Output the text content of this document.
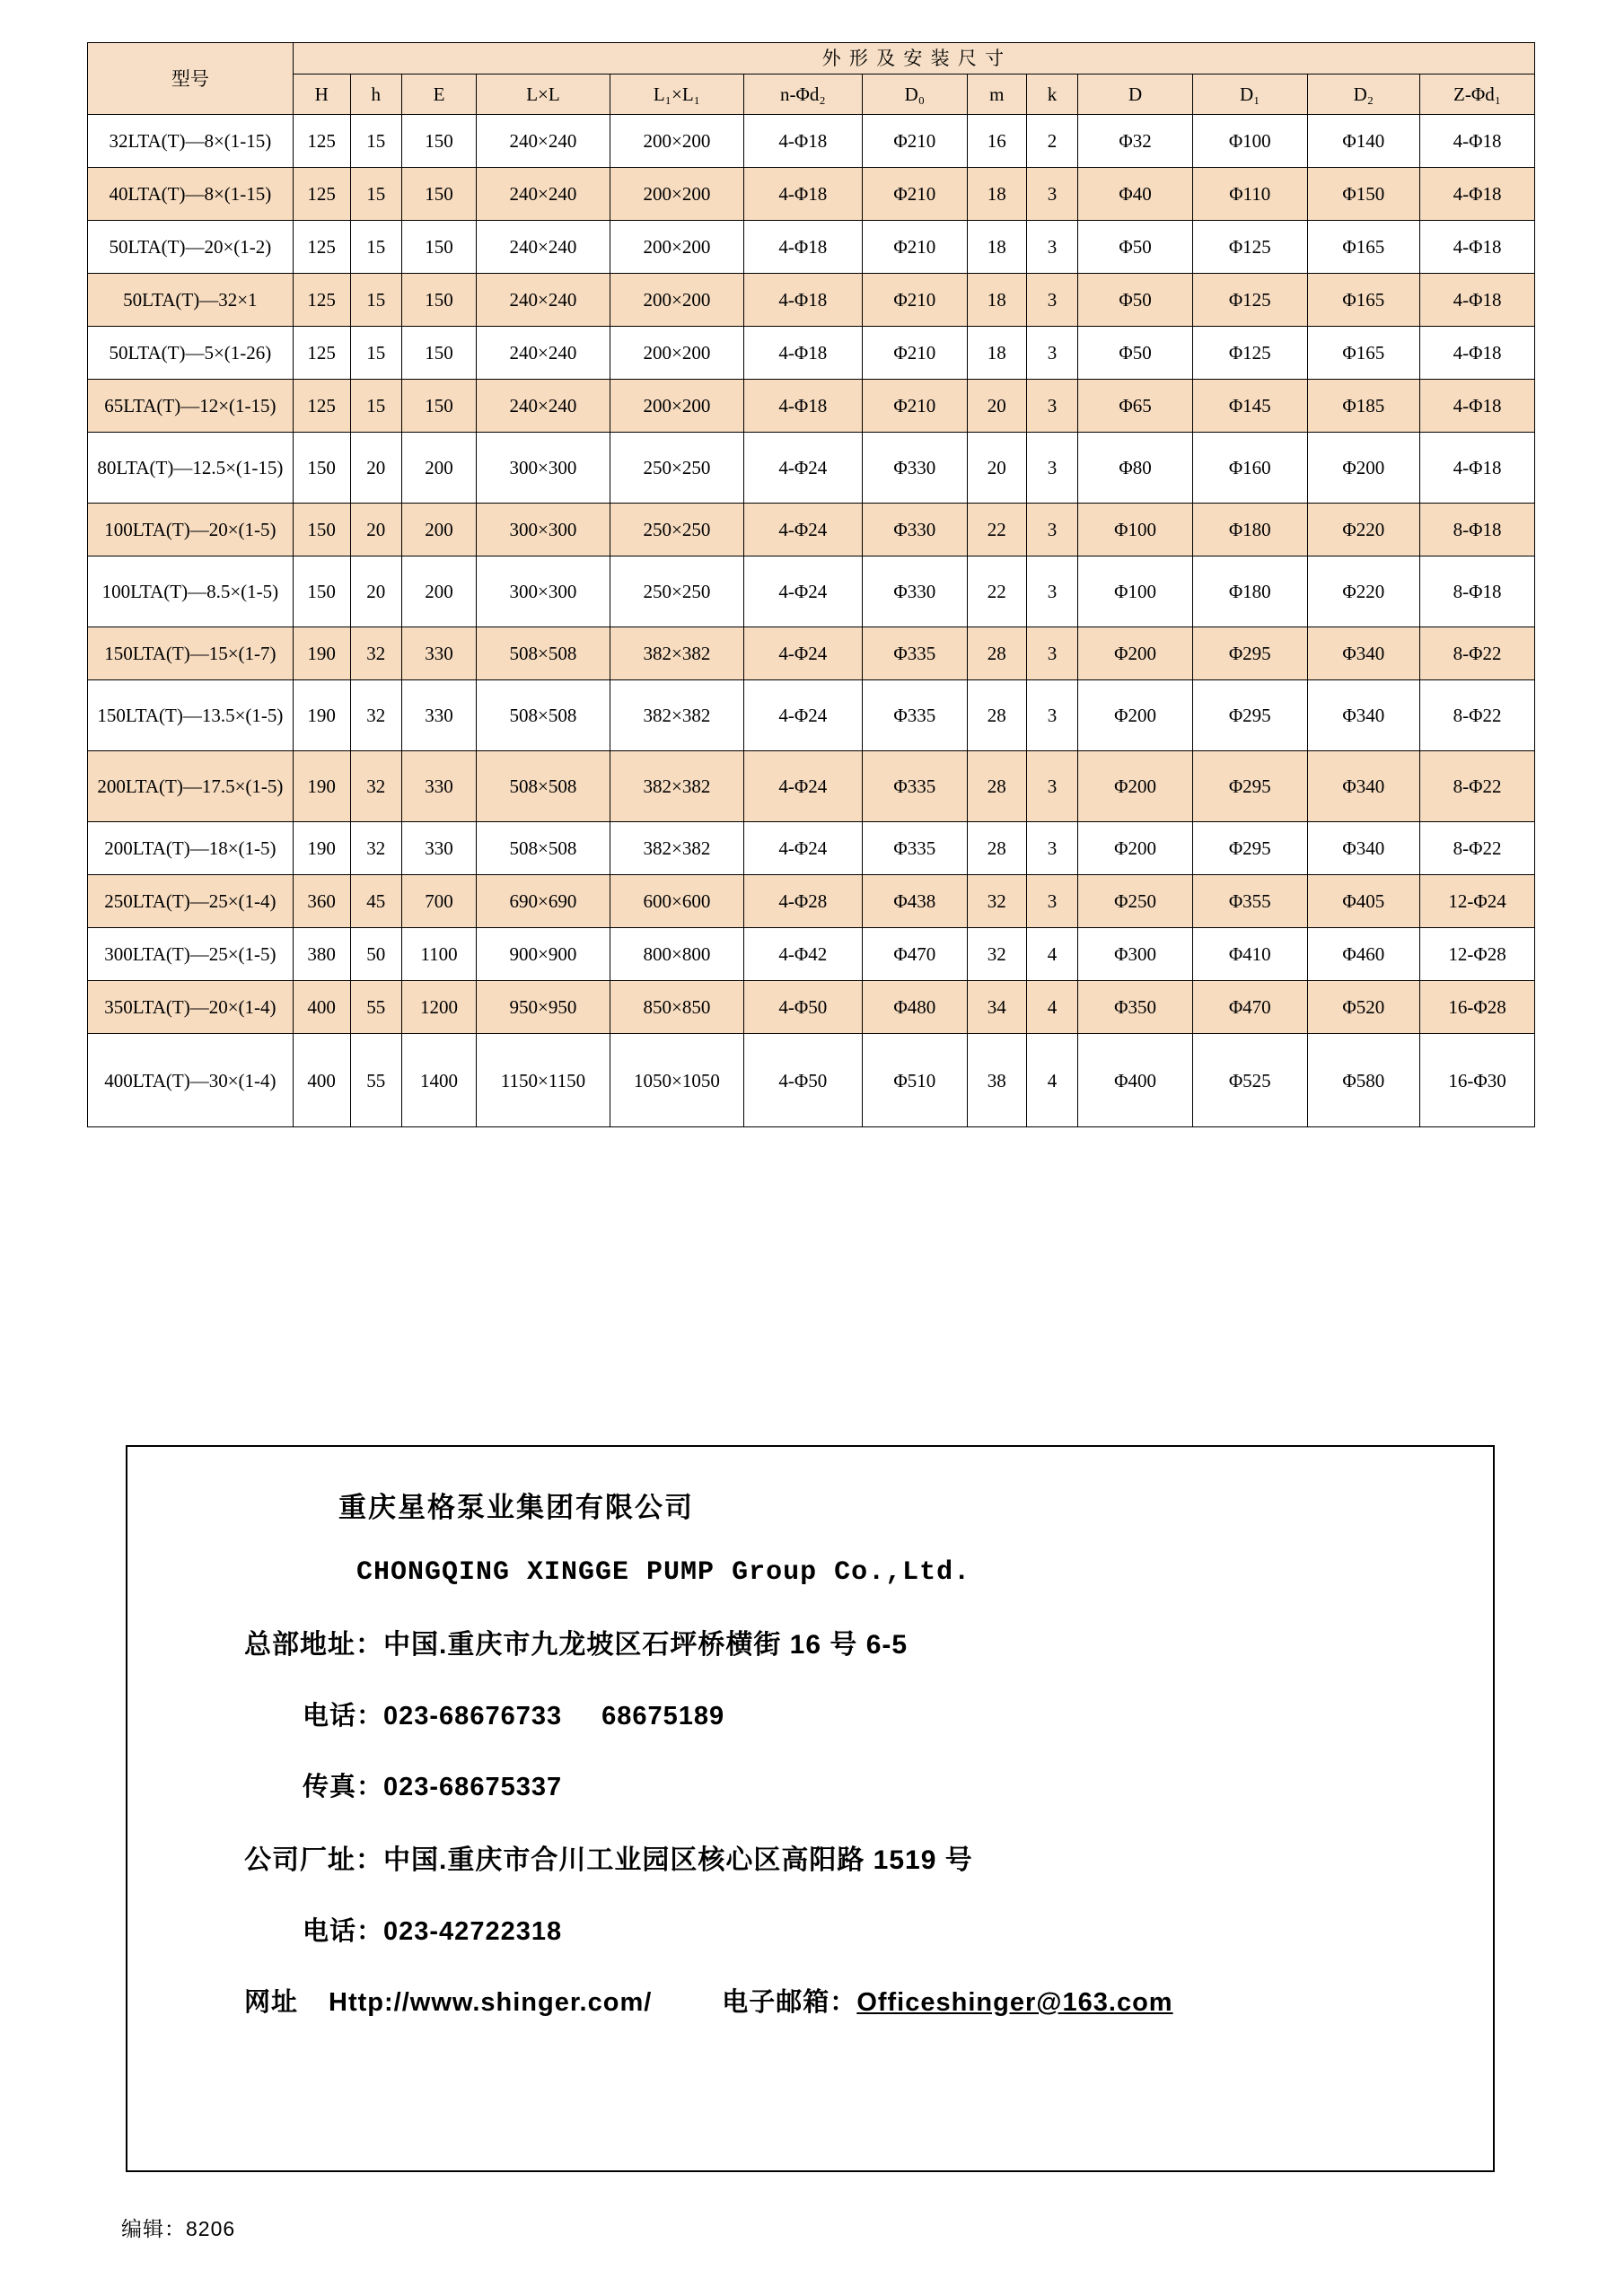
型号	外 形 及 安 装 尺 寸												
	H	h	E	L×L	L₁×L₁	n-Φd₂	D₀	m	k	D	D₁	D₂	Z-Φd₁
32LTA(T)—8×(1-15)	125	15	150	240×240	200×200	4-Φ18	Φ210	16	2	Φ32	Φ100	Φ140	4-Φ18
40LTA(T)—8×(1-15)	125	15	150	240×240	200×200	4-Φ18	Φ210	18	3	Φ40	Φ110	Φ150	4-Φ18
50LTA(T)—20×(1-2)	125	15	150	240×240	200×200	4-Φ18	Φ210	18	3	Φ50	Φ125	Φ165	4-Φ18
50LTA(T)—32×1	125	15	150	240×240	200×200	4-Φ18	Φ210	18	3	Φ50	Φ125	Φ165	4-Φ18
50LTA(T)—5×(1-26)	125	15	150	240×240	200×200	4-Φ18	Φ210	18	3	Φ50	Φ125	Φ165	4-Φ18
65LTA(T)—12×(1-15)	125	15	150	240×240	200×200	4-Φ18	Φ210	20	3	Φ65	Φ145	Φ185	4-Φ18
80LTA(T)—12.5×(1-15)	150	20	200	300×300	250×250	4-Φ24	Φ330	20	3	Φ80	Φ160	Φ200	4-Φ18
100LTA(T)—20×(1-5)	150	20	200	300×300	250×250	4-Φ24	Φ330	22	3	Φ100	Φ180	Φ220	8-Φ18
100LTA(T)—8.5×(1-5)	150	20	200	300×300	250×250	4-Φ24	Φ330	22	3	Φ100	Φ180	Φ220	8-Φ18
150LTA(T)—15×(1-7)	190	32	330	508×508	382×382	4-Φ24	Φ335	28	3	Φ200	Φ295	Φ340	8-Φ22
150LTA(T)—13.5×(1-5)	190	32	330	508×508	382×382	4-Φ24	Φ335	28	3	Φ200	Φ295	Φ340	8-Φ22
200LTA(T)—17.5×(1-5)	190	32	330	508×508	382×382	4-Φ24	Φ335	28	3	Φ200	Φ295	Φ340	8-Φ22
200LTA(T)—18×(1-5)	190	32	330	508×508	382×382	4-Φ24	Φ335	28	3	Φ200	Φ295	Φ340	8-Φ22
250LTA(T)—25×(1-4)	360	45	700	690×690	600×600	4-Φ28	Φ438	32	3	Φ250	Φ355	Φ405	12-Φ24
300LTA(T)—25×(1-5)	380	50	1100	900×900	800×800	4-Φ42	Φ470	32	4	Φ300	Φ410	Φ460	12-Φ28
350LTA(T)—20×(1-4)	400	55	1200	950×950	850×850	4-Φ50	Φ480	34	4	Φ350	Φ470	Φ520	16-Φ28
400LTA(T)—30×(1-4)	400	55	1400	1150×1150	1050×1050	4-Φ50	Φ510	38	4	Φ400	Φ525	Φ580	16-Φ30
重庆星格泵业集团有限公司
CHONGQING XINGGE PUMP Group Co.,Ltd.
总部地址：中国.重庆市九龙坡区石坪桥横街 16 号 6-5
电话：023-68676733 68675189
传真：023-68675337
公司厂址：中国.重庆市合川工业园区核心区高阳路 1519 号
电话：023-42722318
网址 Http://www.shinger.com/	电子邮箱：Officeshinger@163.com
编辑：8206
